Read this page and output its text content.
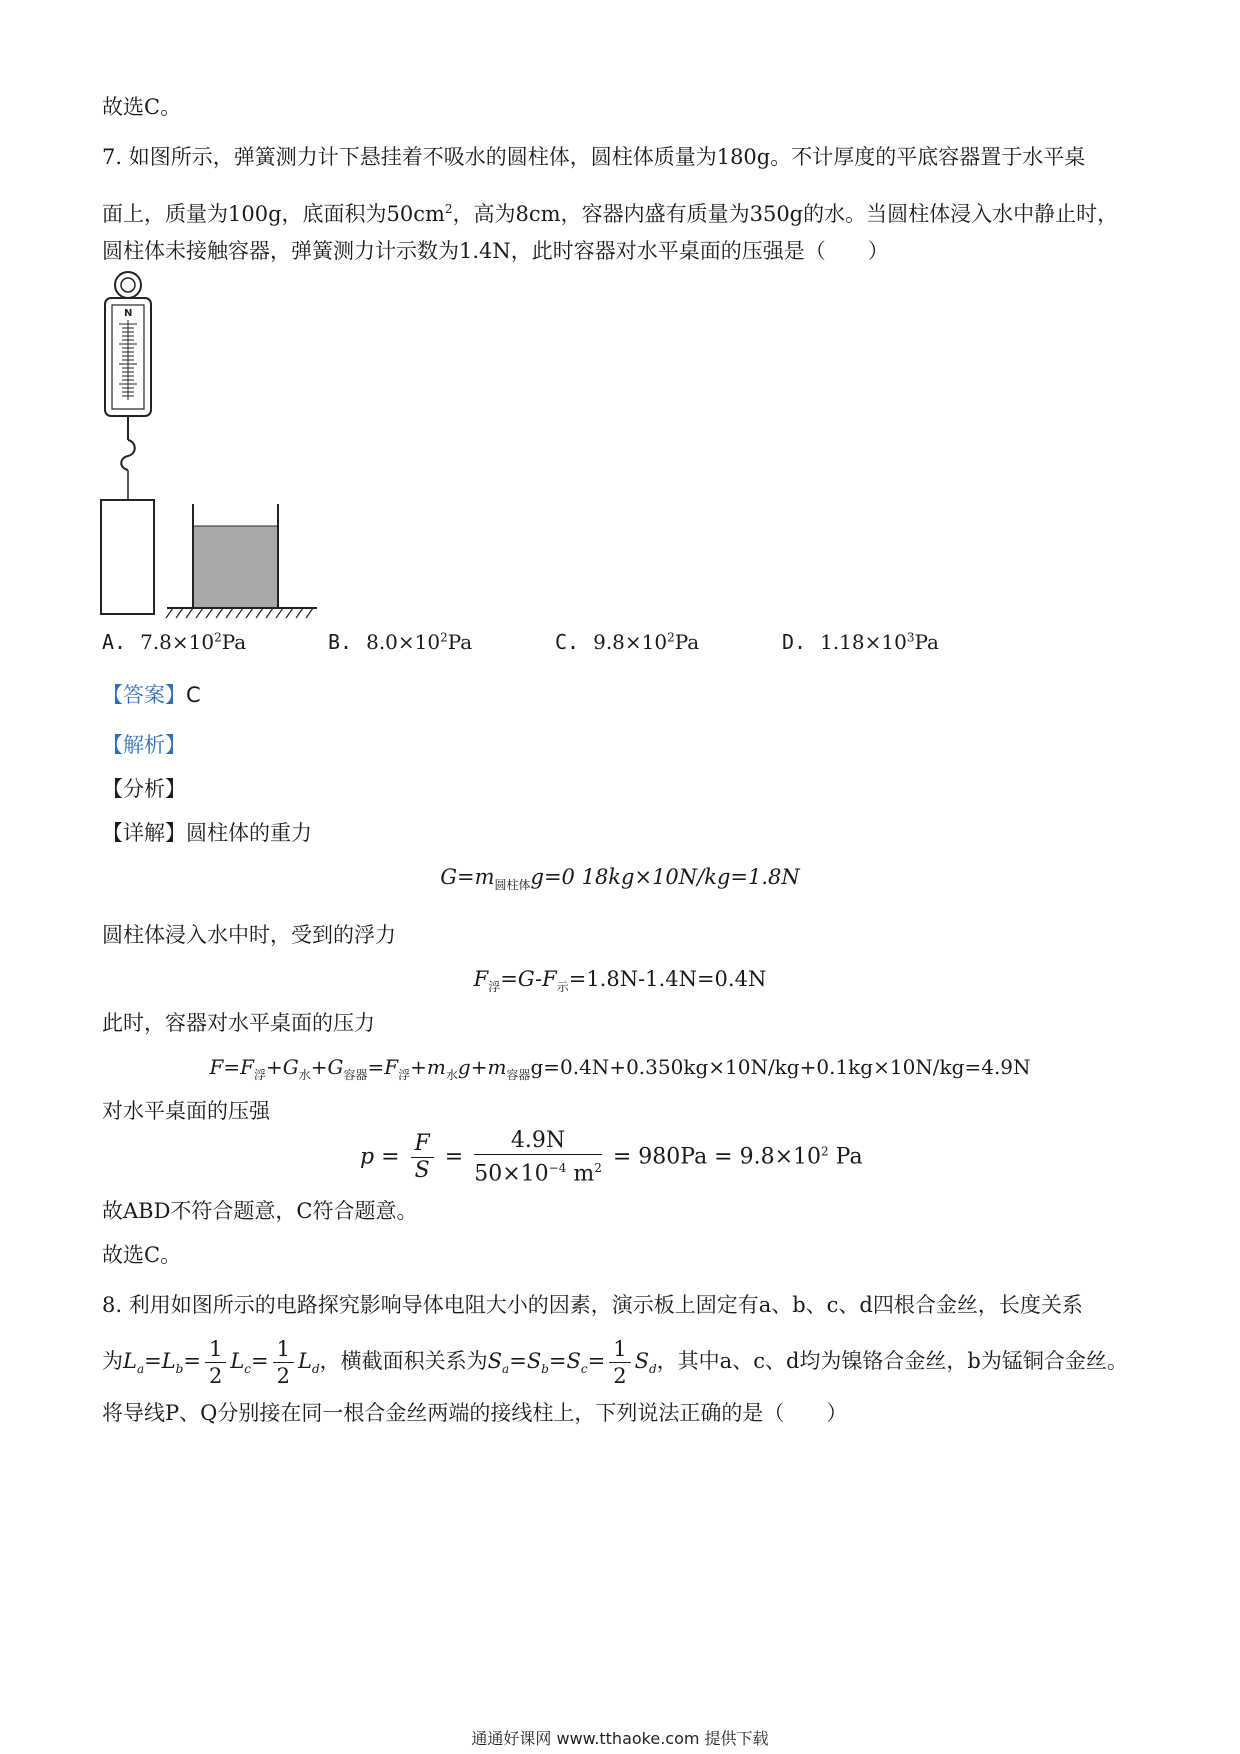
故选C。
7. 如图所示，弹簧测力计下悬挂着不吸水的圆柱体，圆柱体质量为180g。不计厚度的平底容器置于水平桌
面上，质量为100g，底面积为$50cm^2$，高为8cm，容器内盛有质量为350g的水。当圆柱体浸入水中静止时，
圆柱体未接触容器，弹簧测力计示数为1.4N，此时容器对水平桌面的压强是（　　）
N
A. $7.8\times 10^2Pa$	B. $8.0\times 10^2Pa$	C. $9.8\times 10^2Pa$	D. $1.18\times 10^3Pa$
【答案】C
【解析】
【分析】
【详解】圆柱体的重力
$G=m_{圆柱体}g=0$ 18kg×10N/kg=1.8N
圆柱体浸入水中时，受到的浮力
$F_浮=G-F_示=1.8N-1.4N=0.4N$
此时，容器对水平桌面的压力
$F=F_浮+G_水+G_{容器}=F_浮+m_水g+m_{容器}g=0.4N+0.350kg\times 10N/kg+0.1kg\times 10N/kg=4.9N$
对水平桌面的压强
$p = \frac{F}{S} = \frac{4.9N}{50\times 10^{-4} m^2} = 980Pa = 9.8\times 10^2$ Pa
故ABD不符合题意，C符合题意。
故选C。
8. 利用如图所示的电路探究影响导体电阻大小的因素，演示板上固定有a、b、c、d四根合金丝，长度关系
为$L_a=L_b= \frac{1}{2} L_c= \frac{1}{2} L_d$，横截面积关系为$S_a=S_b=S_c= \frac{1}{2} S_d$，其中a、c、d均为镍铬合金丝，b为锰铜合金丝。
将导线P、Q分别接在同一根合金丝两端的接线柱上，下列说法正确的是（　　）
通通好课网 www.tthaoke.com 提供下载
